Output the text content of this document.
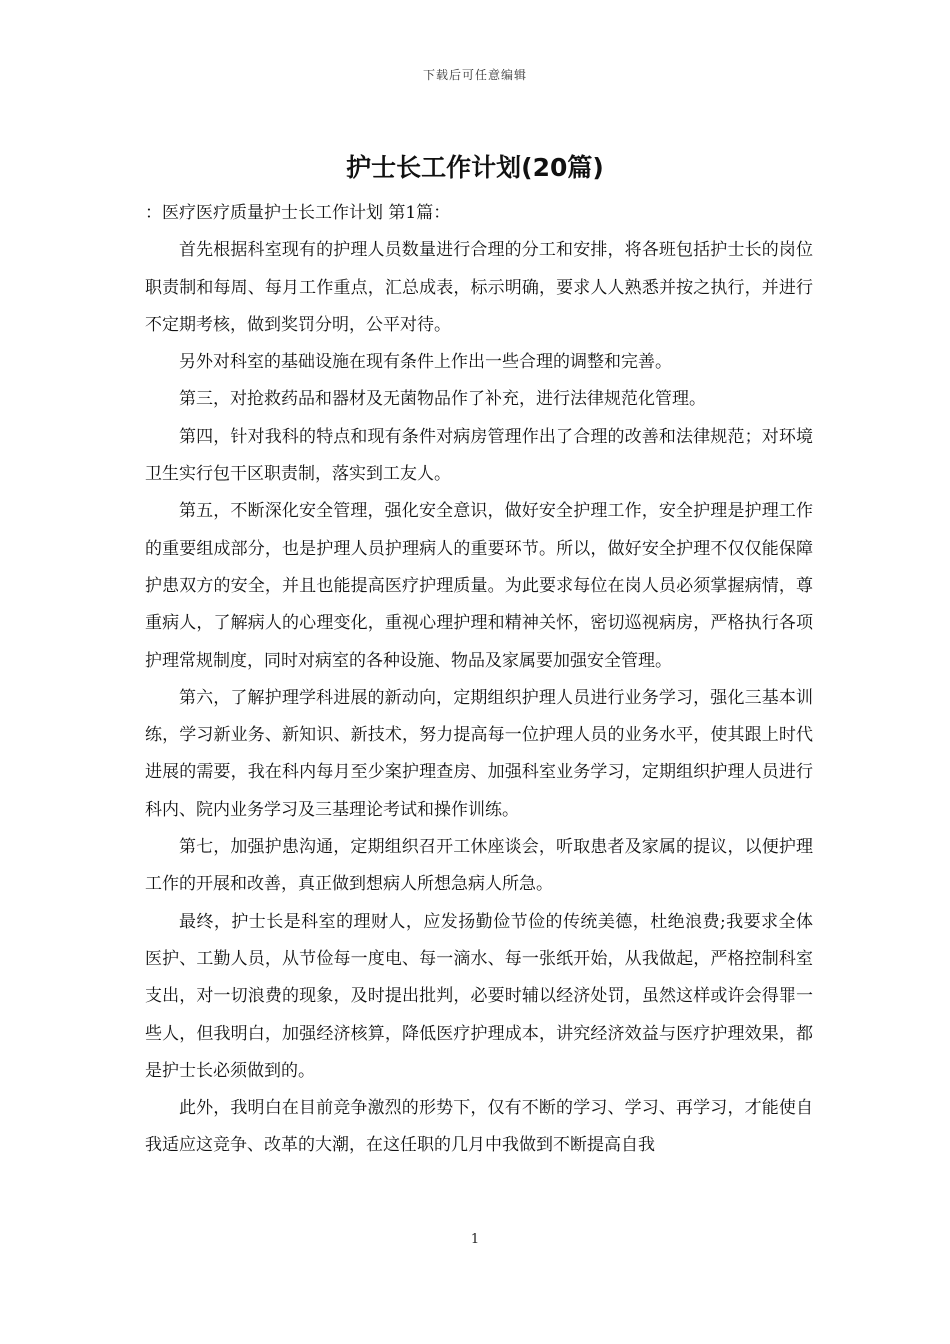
下载后可任意编辑
护士长工作计划(20篇)

：医疗医疗质量护士长工作计划 第1篇：

首先根据科室现有的护理人员数量进行合理的分工和安排，将各班包括护士长的岗位职责制和每周、每月工作重点，汇总成表，标示明确，要求人人熟悉并按之执行，并进行不定期考核，做到奖罚分明，公平对待。

另外对科室的基础设施在现有条件上作出一些合理的调整和完善。

第三，对抢救药品和器材及无菌物品作了补充，进行法律规范化管理。

第四，针对我科的特点和现有条件对病房管理作出了合理的改善和法律规范；对环境卫生实行包干区职责制，落实到工友人。

第五，不断深化安全管理，强化安全意识，做好安全护理工作，安全护理是护理工作的重要组成部分，也是护理人员护理病人的重要环节。所以，做好安全护理不仅仅能保障护患双方的安全，并且也能提高医疗护理质量。为此要求每位在岗人员必须掌握病情，尊重病人，了解病人的心理变化，重视心理护理和精神关怀，密切巡视病房，严格执行各项护理常规制度，同时对病室的各种设施、物品及家属要加强安全管理。

第六，了解护理学科进展的新动向，定期组织护理人员进行业务学习，强化三基本训练，学习新业务、新知识、新技术，努力提高每一位护理人员的业务水平，使其跟上时代进展的需要，我在科内每月至少案护理查房、加强科室业务学习，定期组织护理人员进行科内、院内业务学习及三基理论考试和操作训练。

第七，加强护患沟通，定期组织召开工休座谈会，听取患者及家属的提议，以便护理工作的开展和改善，真正做到想病人所想急病人所急。

最终，护士长是科室的理财人，应发扬勤俭节俭的传统美德，杜绝浪费;我要求全体医护、工勤人员，从节俭每一度电、每一滴水、每一张纸开始，从我做起，严格控制科室支出，对一切浪费的现象，及时提出批判，必要时辅以经济处罚，虽然这样或许会得罪一些人，但我明白，加强经济核算，降低医疗护理成本，讲究经济效益与医疗护理效果，都是护士长必须做到的。

此外，我明白在目前竞争激烈的形势下，仅有不断的学习、学习、再学习，才能使自我适应这竞争、改革的大潮，在这任职的几月中我做到不断提高自我

1
